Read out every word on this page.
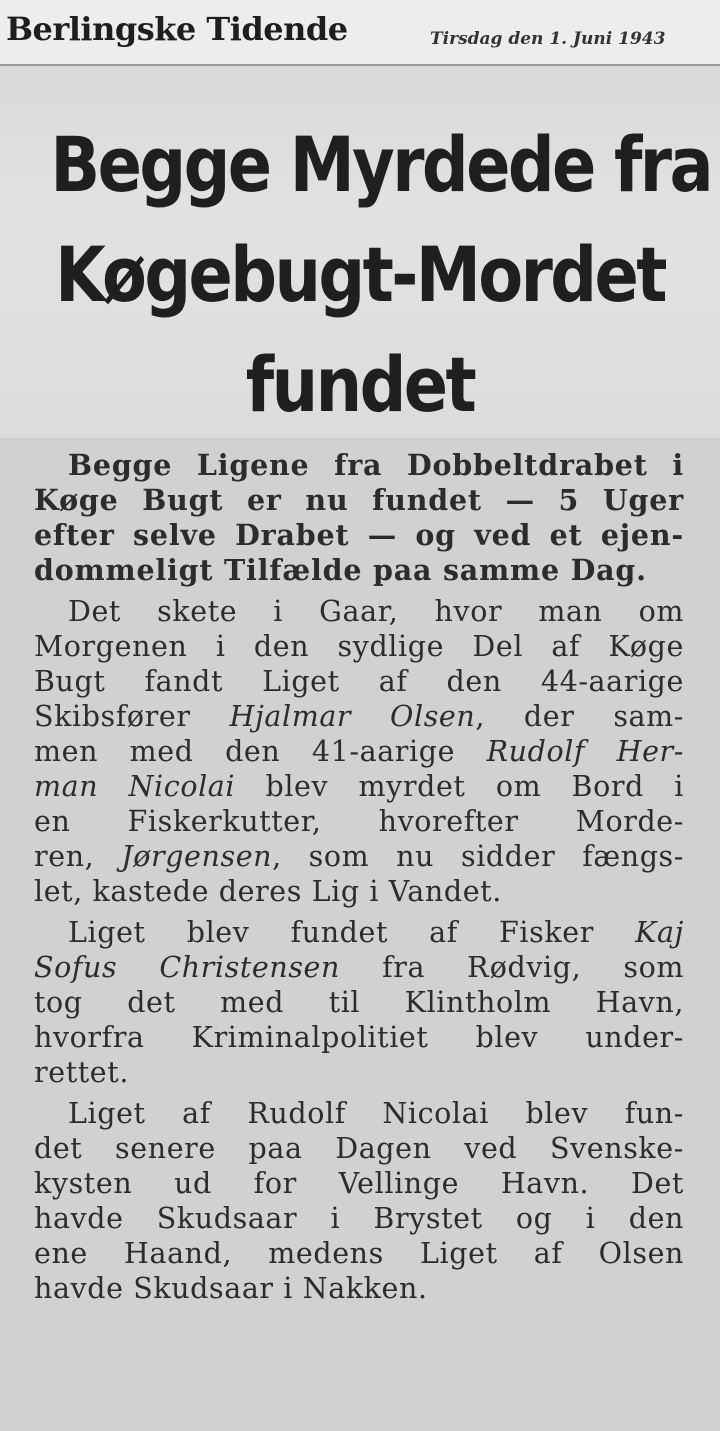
Berlingske Tidende	Tirsdag den 1. Juni 1943
Begge Myrdede fra
Køgebugt-Mordet
fundet
Begge Ligene fra Dobbeltdrabet i
Køge Bugt er nu fundet — 5 Uger
efter selve Drabet — og ved et ejen-
dommeligt Tilfælde paa samme Dag.
Det skete i Gaar, hvor man om
Morgenen i den sydlige Del af Køge
Bugt fandt Liget af den 44-aarige
Skibsfører Hjalmar Olsen, der sam-
men med den 41-aarige Rudolf Her-
man Nicolai blev myrdet om Bord i
en Fiskerkutter, hvorefter Morde-
ren, Jørgensen, som nu sidder fængs-
let, kastede deres Lig i Vandet.
Liget blev fundet af Fisker Kaj
Sofus Christensen fra Rødvig, som
tog det med til Klintholm Havn,
hvorfra Kriminalpolitiet blev under-
rettet.
Liget af Rudolf Nicolai blev fun-
det senere paa Dagen ved Svenske-
kysten ud for Vellinge Havn. Det
havde Skudsaar i Brystet og i den
ene Haand, medens Liget af Olsen
havde Skudsaar i Nakken.
